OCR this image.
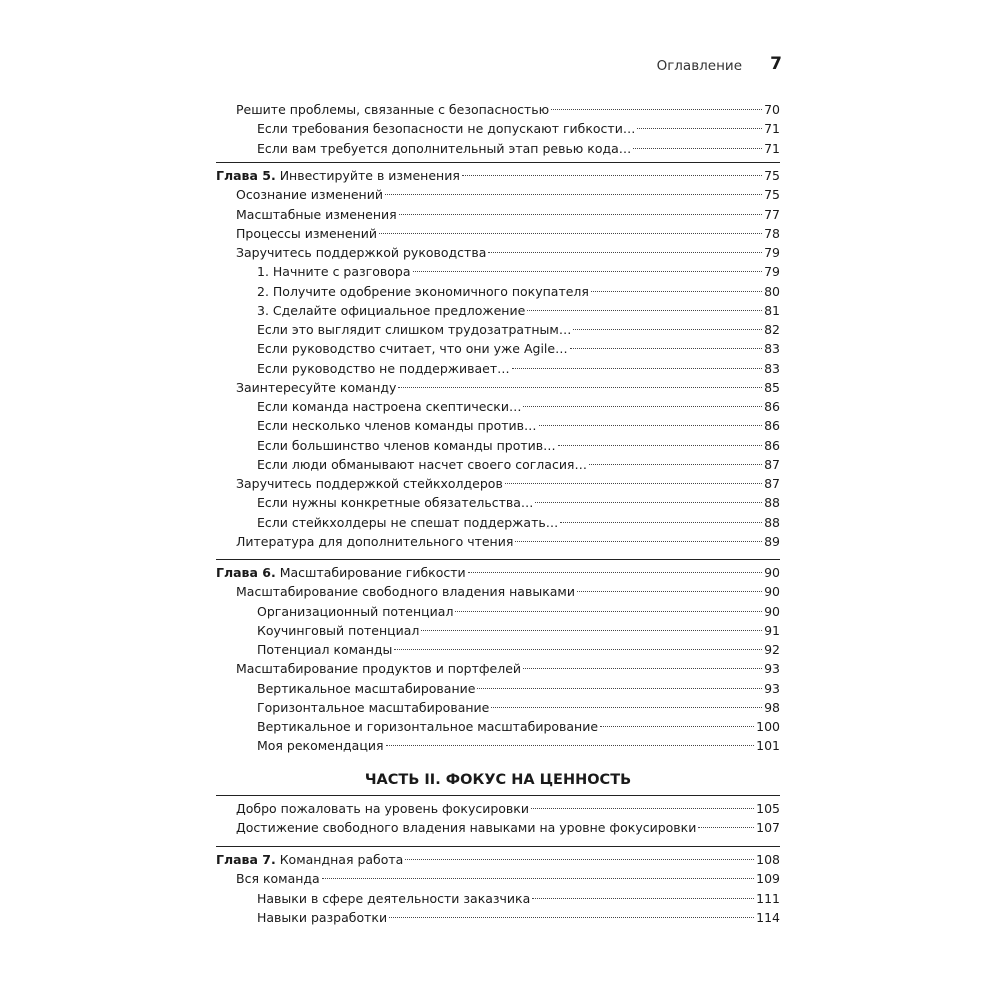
Оглавление 7
ЧАСТЬ II. ФОКУС НА ЦЕННОСТЬ
Решите проблемы, связанные с безопасностью	70
Если требования безопасности не допускают гибкости…	71
Если вам требуется дополнительный этап ревью кода…	71
Глава 5. Инвестируйте в изменения	75
Осознание изменений	75
Масштабные изменения	77
Процессы изменений	78
Заручитесь поддержкой руководства	79
1. Начните с разговора	79
2. Получите одобрение экономичного покупателя	80
3. Сделайте официальное предложение	81
Если это выглядит слишком трудозатратным…	82
Если руководство считает, что они уже Agile…	83
Если руководство не поддерживает…	83
Заинтересуйте команду	85
Если команда настроена скептически…	86
Если несколько членов команды против…	86
Если большинство членов команды против…	86
Если люди обманывают насчет своего согласия…	87
Заручитесь поддержкой стейкхолдеров	87
Если нужны конкретные обязательства…	88
Если стейкхолдеры не спешат поддержать…	88
Литература для дополнительного чтения	89
Глава 6. Масштабирование гибкости	90
Масштабирование свободного владения навыками	90
Организационный потенциал	90
Коучинговый потенциал	91
Потенциал команды	92
Масштабирование продуктов и портфелей	93
Вертикальное масштабирование	93
Горизонтальное масштабирование	98
Вертикальное и горизонтальное масштабирование	100
Моя рекомендация	101
Добро пожаловать на уровень фокусировки	105
Достижение свободного владения навыками на уровне фокусировки	107
Глава 7. Командная работа	108
Вся команда	109
Навыки в сфере деятельности заказчика	111
Навыки разработки	114
